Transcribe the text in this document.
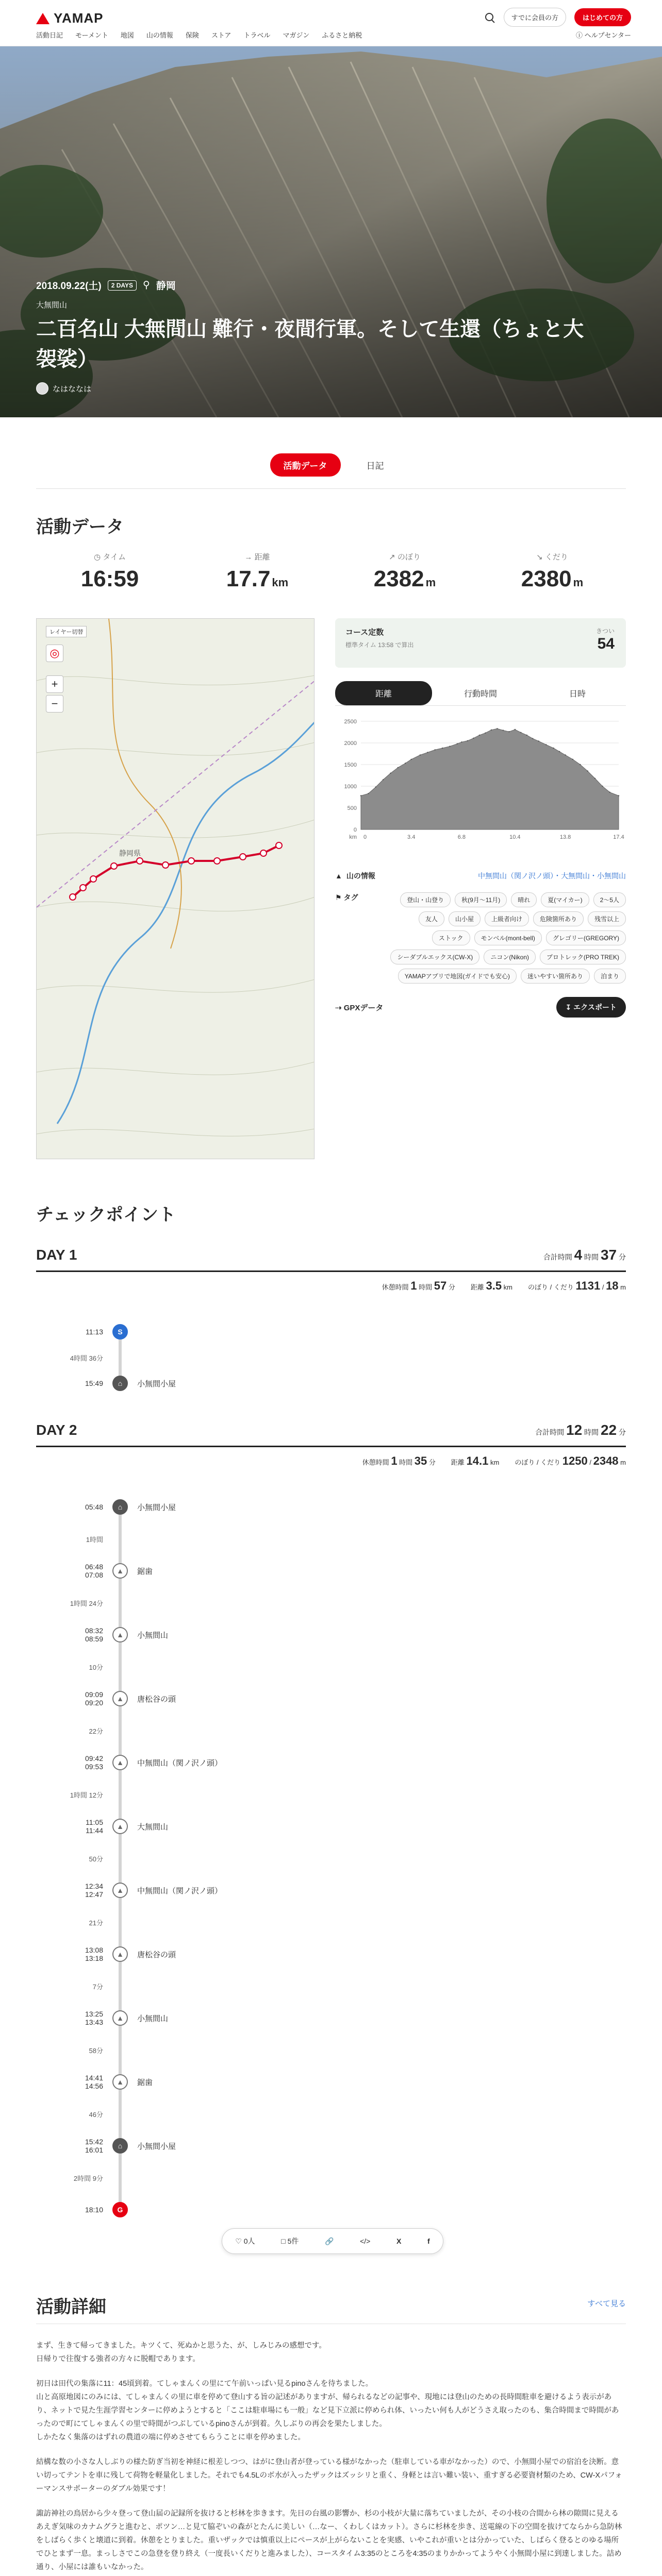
YAMAP
活動日記 モーメント 地図 山の情報 保険 ストア トラベル マガジン ふるさと納税
すでに会員の方	はじめての方
ⓘ ヘルプセンター
2018.09.22(土)	2 DAYS	⚲ 静岡
大無間山
二百名山 大無間山 難行・夜間行軍。そして生還（ちょと大袈裟）
なはななは
活動データ	日記
活動データ
◷ タイム
16:59
→ 距離
17.7 km
↗ のぼり
2382 m
↘ くだり
2380 m
静岡県
レイヤー切替
◎
+
−
コース定数
標準タイム 13:58 で算出
きつい
54
距離	行動時間	日時
0
500
1000
1500
2000
2500
0	3.4	6.8	10.4	13.8	17.4
km
▲ 山の情報	中無間山（関ノ沢ノ頭）・大無間山・小無間山
⚑ タグ	登山・山登り	秋(9月〜11月)	晴れ	夏(マイカー)	2〜5人
友人	山小屋	上級者向け	危険箇所あり	残雪以上
ストック	モンベル(mont-bell)	グレゴリー(GREGORY)
シーダブルエックス(CW-X)	ニコン(Nikon)	プロトレック(PRO TREK)
YAMAPアプリで地図(ガイドでも安心)	迷いやすい箇所あり	泊まり
⇢ GPXデータ	↧ エクスポート
チェックポイント
DAY 1	合計時間 4 時間 37 分
休憩時間 1 時間 57 分 距離 3.5 km のぼり / くだり 1131 / 18 m
11:13	S
4時間 36分
15:49	⌂	小無間小屋
DAY 2	合計時間 12 時間 22 分
休憩時間 1 時間 35 分 距離 14.1 km のぼり / くだり 1250 / 2348 m
05:48	⌂	小無間小屋
1時間
06:48
07:08	▲	鋸歯
1時間 24分
08:32
08:59	▲	小無間山
10分
09:09
09:20	▲	唐松谷の頭
22分
09:42
09:53	▲	中無間山（関ノ沢ノ頭）
1時間 12分
11:05
11:44	▲	大無間山
50分
12:34
12:47	▲	中無間山（関ノ沢ノ頭）
21分
13:08
13:18	▲	唐松谷の頭
7分
13:25
13:43	▲	小無間山
58分
14:41
14:56	▲	鋸歯
46分
15:42
16:01	⌂	小無間小屋
2時間 9分
18:10	G
♡ 0人	□ 5件	🔗	</>	X	f
活動詳細	すべて見る

まず、生きて帰ってきました。キツくて、死ぬかと思うた、が、しみじみの感想です。
日帰りで往復する強者の方々に脱帽であります。

初日は田代の集落に11：45頃到着。てしゃまんくの里にて午前いっぱい見るpinoさんを待ちました。
山と高原地図にのみには、てしゃまんくの里に車を停めて登山する旨の記述がありますが、帰られるなどの記事や、現地には登山のための長時間駐車を避けるよう表示があり、ネットで見た生涯学習センターに停めようとすると「ここは駐車場にも一般」など見下立派に停められ体、いったい何も人がどうさえ取ったのも、集合時間まで時間があったので町にてしゃまんくの里で時間がつぶしているpinoさんが到着。久しぶりの再会を果たしました。
しかたなく集落のはずれの農道の端に停めさせてもらうことに車を停めました。

結構な数の小さな人しぶりの様た防ぎ当初を神経に根差しつつ、はがに登山者が登っている様がなかった（駐車している車がなかった）ので、小無間小屋での宿泊を決断。意い切ってテントを車に残して荷物を軽量化しました。それでも4.5Lのボ水が入ったザックはズッシリと重く、身軽とは言い難い装い、重すぎる必要資材類のため、CW-Xパフォーマンスサポーターのダブル効果です！

諏訪神社の鳥居から少々登って登山届の記録所を抜けると杉林を歩きます。先日の台風の影響か、杉の小枝が大量に落ちていましたが、その小枝の合間から林の隙間に見えるあえぎ気味のカナムグラと進むと、ポツン…と見て脇ぞいの森がとたんに美しい（…なー、くわしくはカット）。さらに杉林を歩き、送電線の下の空間を抜けてならから急防林をしばらく歩くと壊道に到着。休憩をとりました。重いザックでは慎重以上にペースが上がらないことを実感、いやこれが重いとは分かっていた、しばらく登るとのゆる場所でひとまず一息。まっしさでこの急登を登り終え（一度長いくだりと進みました）、コースタイム3:35のところを4:35のまりかかってようやく小無間小屋に到達しました。詰め通り、小屋には誰もいなかった。
